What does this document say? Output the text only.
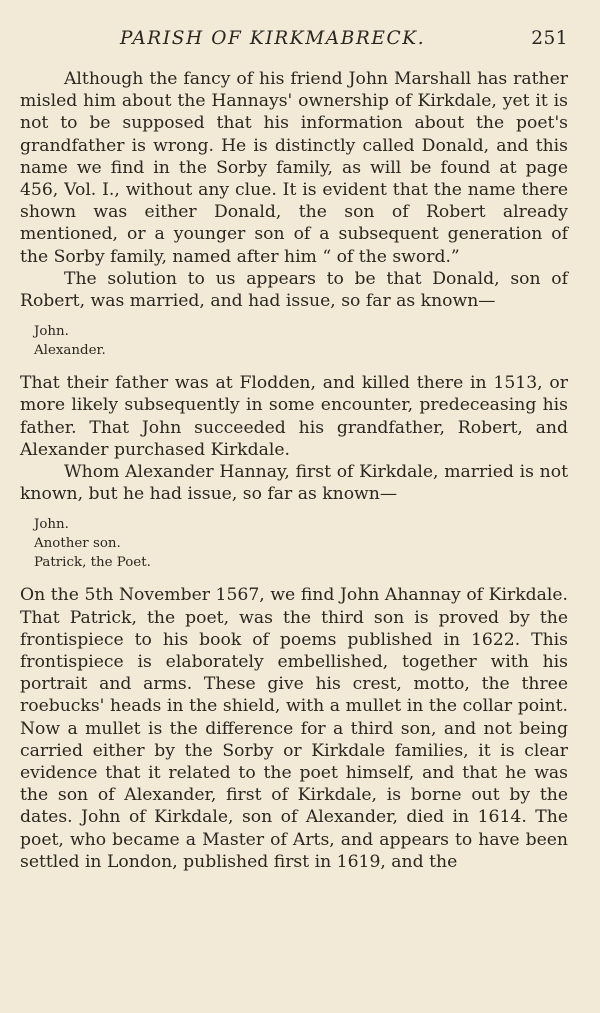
PARISH OF KIRKMABRECK.	251

Although the fancy of his friend John Marshall has rather misled him about the Hannays' ownership of Kirkdale, yet it is not to be supposed that his information about the poet's grandfather is wrong. He is distinctly called Donald, and this name we find in the Sorby family, as will be found at page 456, Vol. I., without any clue. It is evident that the name there shown was either Donald, the son of Robert already mentioned, or a younger son of a subsequent generation of the Sorby family, named after him “ of the sword.”

The solution to us appears to be that Donald, son of Robert, was married, and had issue, so far as known—

John.
Alexander.

That their father was at Flodden, and killed there in 1513, or more likely subsequently in some encounter, predeceasing his father. That John succeeded his grandfather, Robert, and Alexander purchased Kirkdale.

Whom Alexander Hannay, first of Kirkdale, married is not known, but he had issue, so far as known—

John.
Another son.
Patrick, the Poet.

On the 5th November 1567, we find John Ahannay of Kirkdale. That Patrick, the poet, was the third son is proved by the frontispiece to his book of poems published in 1622. This frontispiece is elaborately embellished, together with his portrait and arms. These give his crest, motto, the three roebucks' heads in the shield, with a mullet in the collar point. Now a mullet is the difference for a third son, and not being carried either by the Sorby or Kirkdale families, it is clear evidence that it related to the poet himself, and that he was the son of Alexander, first of Kirkdale, is borne out by the dates. John of Kirkdale, son of Alexander, died in 1614. The poet, who became a Master of Arts, and appears to have been settled in London, published first in 1619, and the
